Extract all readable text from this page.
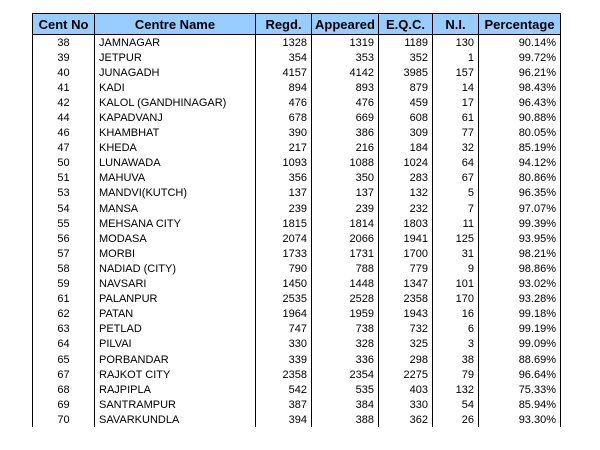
Cent No	Centre Name	Regd.	Appeared	E.Q.C.	N.I.	Percentage
38	JAMNAGAR	1328	1319	1189	130	90.14%
39	JETPUR	354	353	352	1	99.72%
40	JUNAGADH	4157	4142	3985	157	96.21%
41	KADI	894	893	879	14	98.43%
42	KALOL (GANDHINAGAR)	476	476	459	17	96.43%
44	KAPADVANJ	678	669	608	61	90.88%
46	KHAMBHAT	390	386	309	77	80.05%
47	KHEDA	217	216	184	32	85.19%
50	LUNAWADA	1093	1088	1024	64	94.12%
51	MAHUVA	356	350	283	67	80.86%
53	MANDVI(KUTCH)	137	137	132	5	96.35%
54	MANSA	239	239	232	7	97.07%
55	MEHSANA CITY	1815	1814	1803	11	99.39%
56	MODASA	2074	2066	1941	125	93.95%
57	MORBI	1733	1731	1700	31	98.21%
58	NADIAD (CITY)	790	788	779	9	98.86%
59	NAVSARI	1450	1448	1347	101	93.02%
61	PALANPUR	2535	2528	2358	170	93.28%
62	PATAN	1964	1959	1943	16	99.18%
63	PETLAD	747	738	732	6	99.19%
64	PILVAI	330	328	325	3	99.09%
65	PORBANDAR	339	336	298	38	88.69%
67	RAJKOT CITY	2358	2354	2275	79	96.64%
68	RAJPIPLA	542	535	403	132	75.33%
69	SANTRAMPUR	387	384	330	54	85.94%
70	SAVARKUNDLA	394	388	362	26	93.30%
